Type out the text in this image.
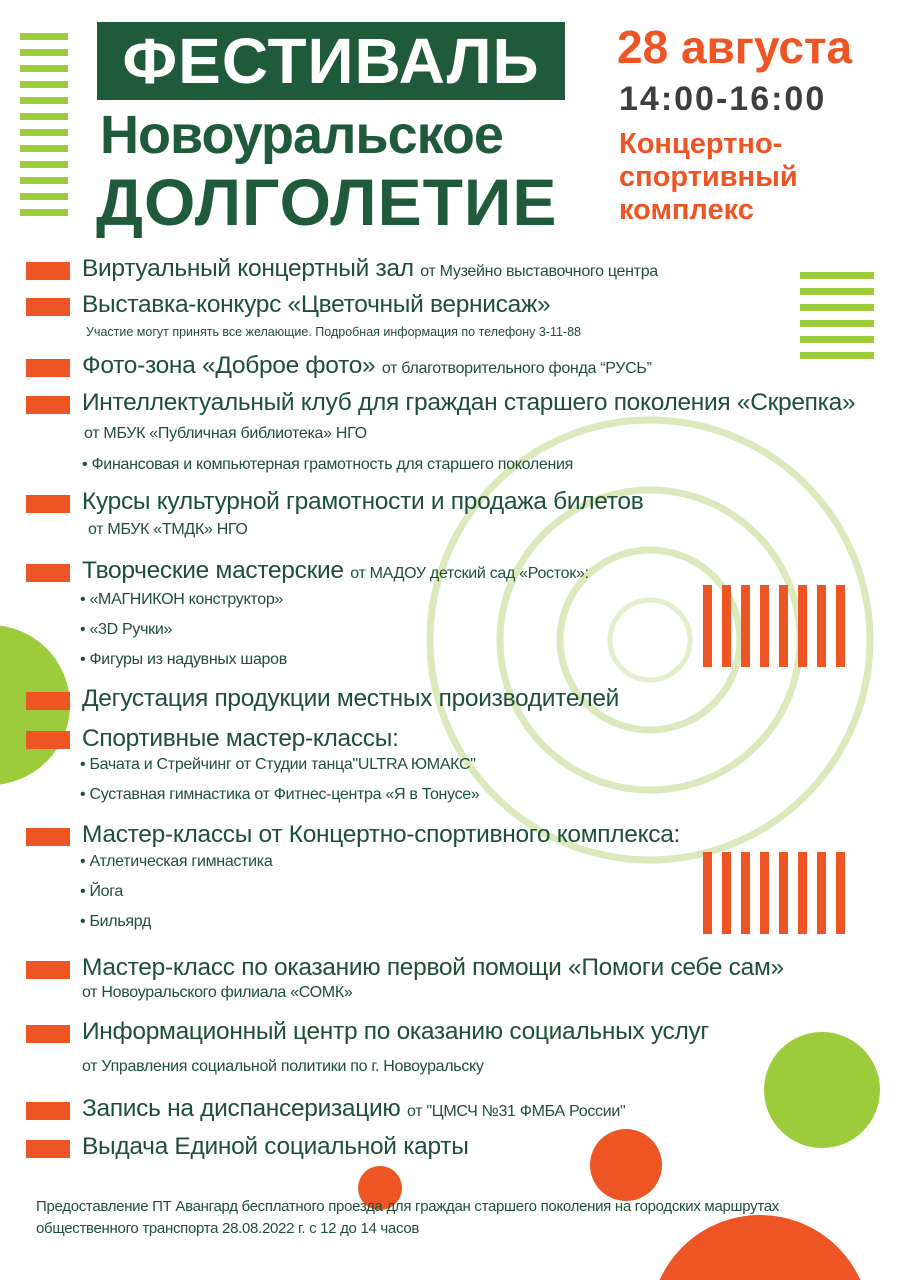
ФЕСТИВАЛЬ
Новоуральское
ДОЛГОЛЕТИЕ
28 августа
14:00-16:00
Концертно-спортивный комплекс
Виртуальный концертный зал от Музейно выставочного центра
Выставка-конкурс «Цветочный вернисаж»
Участие могут принять все желающие. Подробная информация по телефону 3-11-88
Фото-зона «Доброе фото» от благотворительного фонда “РУСЬ”
Интеллектуальный клуб для граждан старшего поколения «Скрепка»
от МБУК «Публичная библиотека» НГО
• Финансовая и компьютерная грамотность для старшего поколения
Курсы культурной грамотности и продажа билетов
от МБУК «ТМДК» НГО
Творческие мастерские от МАДОУ детский сад «Росток»:
• «МАГНИКОН конструктор»
• «3D Ручки»
• Фигуры из надувных шаров
Дегустация продукции местных производителей
Спортивные мастер-классы:
• Бачата и Стрейчинг от Студии танца"ULTRA ЮМАКС"
• Суставная гимнастика от Фитнес-центра «Я в Тонусе»
Мастер-классы от Концертно-спортивного комплекса:
• Атлетическая гимнастика
• Йога
• Бильярд
Мастер-класс по оказанию первой помощи «Помоги себе сам»
от Новоуральского филиала «СОМК»
Информационный центр по оказанию социальных услуг
от Управления социальной политики по г. Новоуральску
Запись на диспансеризацию от "ЦМСЧ №31 ФМБА России"
Выдача Единой социальной карты
Предоставление ПТ Авангард бесплатного проезда для граждан старшего поколения на городских маршрутах
общественного транспорта 28.08.2022 г. с 12 до 14 часов
